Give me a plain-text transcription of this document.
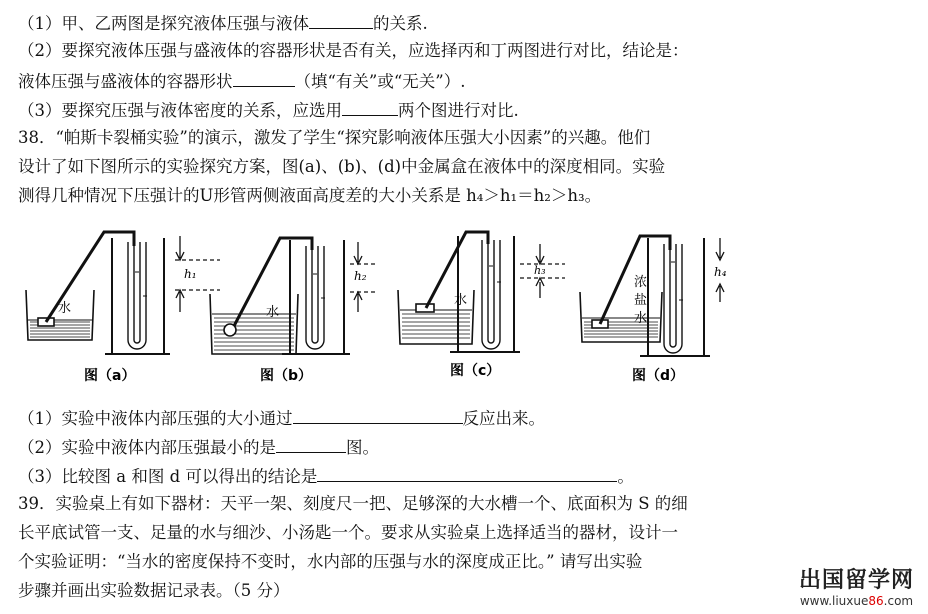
（1）甲、乙两图是探究液体压强与液体	的关系.
（2）要探究液体压强与盛液体的容器形状是否有关，应选择丙和丁两图进行对比，结论是：
液体压强与盛液体的容器形状	（填“有关”或“无关”）.
（3）要探究压强与液体密度的关系，应选用	两个图进行对比.
38．“帕斯卡裂桶实验”的演示，激发了学生“探究影响液体压强大小因素”的兴趣。他们
设计了如下图所示的实验探究方案，图(a)、(b)、(d)中金属盒在液体中的深度相同。实验
测得几种情况下压强计的U形管两侧液面高度差的大小关系是 h₄＞h₁＝h₂＞h₃。
水
h₁
图（a）
水
h₂
图（b）
水
h₃
图（c）
浓
盐
水
h₄
图（d）
（1）实验中液体内部压强的大小通过	反应出来。
（2）实验中液体内部压强最小的是	图。
（3）比较图 a 和图 d 可以得出的结论是	。
39．实验桌上有如下器材：天平一架、刻度尺一把、足够深的大水槽一个、底面积为 S 的细
长平底试管一支、足量的水与细沙、小汤匙一个。要求从实验桌上选择适当的器材，设计一
个实验证明：“当水的密度保持不变时，水内部的压强与水的深度成正比。” 请写出实验
步骤并画出实验数据记录表。（5 分）	出国留学网
www.liuxue86.com
